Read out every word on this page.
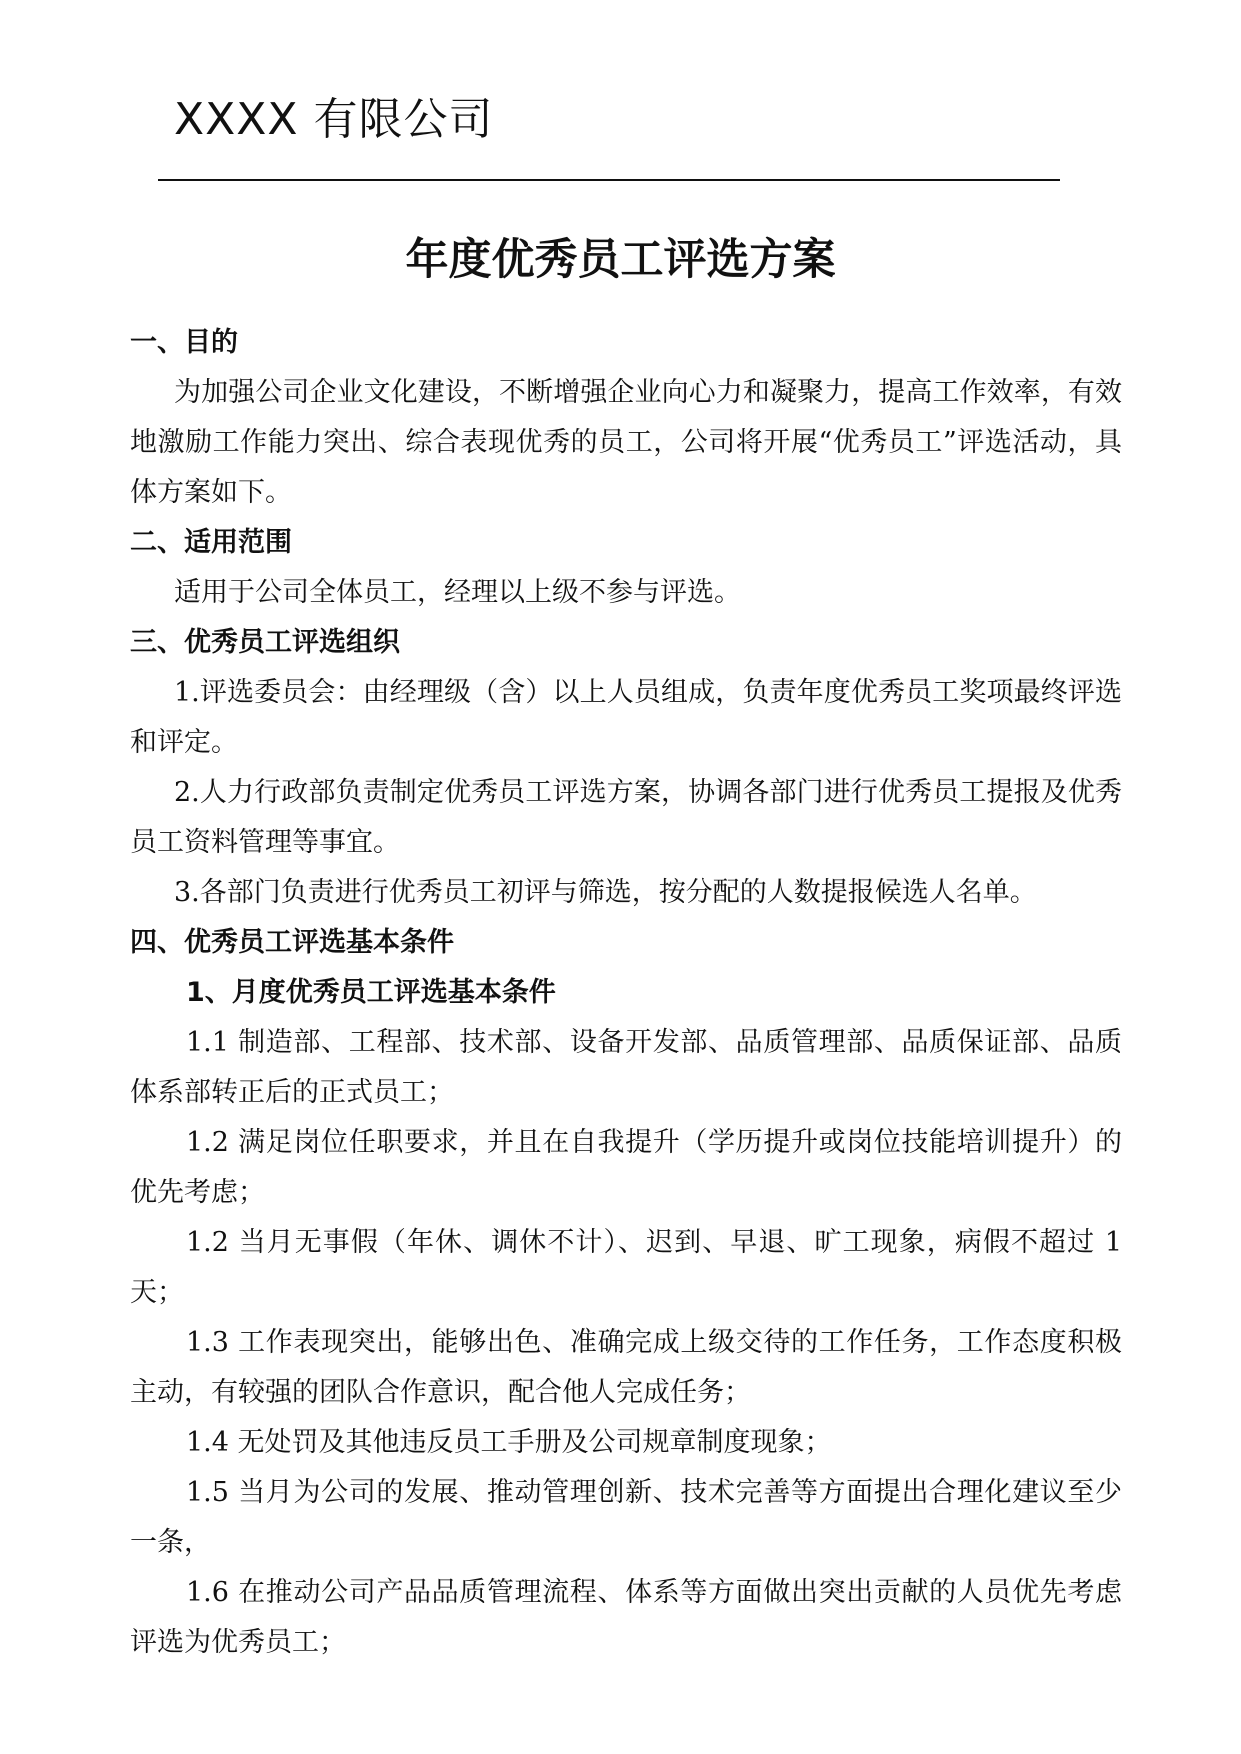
XXXX 有限公司
年度优秀员工评选方案

一、目的

为加强公司企业文化建设，不断增强企业向心力和凝聚力，提高工作效率，有效地激励工作能力突出、综合表现优秀的员工，公司将开展“优秀员工”评选活动，具体方案如下。

二、适用范围

适用于公司全体员工，经理以上级不参与评选。

三、优秀员工评选组织

1.评选委员会：由经理级（含）以上人员组成，负责年度优秀员工奖项最终评选和评定。

2.人力行政部负责制定优秀员工评选方案，协调各部门进行优秀员工提报及优秀员工资料管理等事宜。

3.各部门负责进行优秀员工初评与筛选，按分配的人数提报候选人名单。

四、优秀员工评选基本条件

1、月度优秀员工评选基本条件

1.1 制造部、工程部、技术部、设备开发部、品质管理部、品质保证部、品质体系部转正后的正式员工；

1.2 满足岗位任职要求，并且在自我提升（学历提升或岗位技能培训提升）的优先考虑；

1.2 当月无事假（年休、调休不计）、迟到、早退、旷工现象，病假不超过 1 天；

1.3 工作表现突出，能够出色、准确完成上级交待的工作任务，工作态度积极主动，有较强的团队合作意识，配合他人完成任务；

1.4 无处罚及其他违反员工手册及公司规章制度现象；

1.5 当月为公司的发展、推动管理创新、技术完善等方面提出合理化建议至少一条，

1.6 在推动公司产品品质管理流程、体系等方面做出突出贡献的人员优先考虑评选为优秀员工；
